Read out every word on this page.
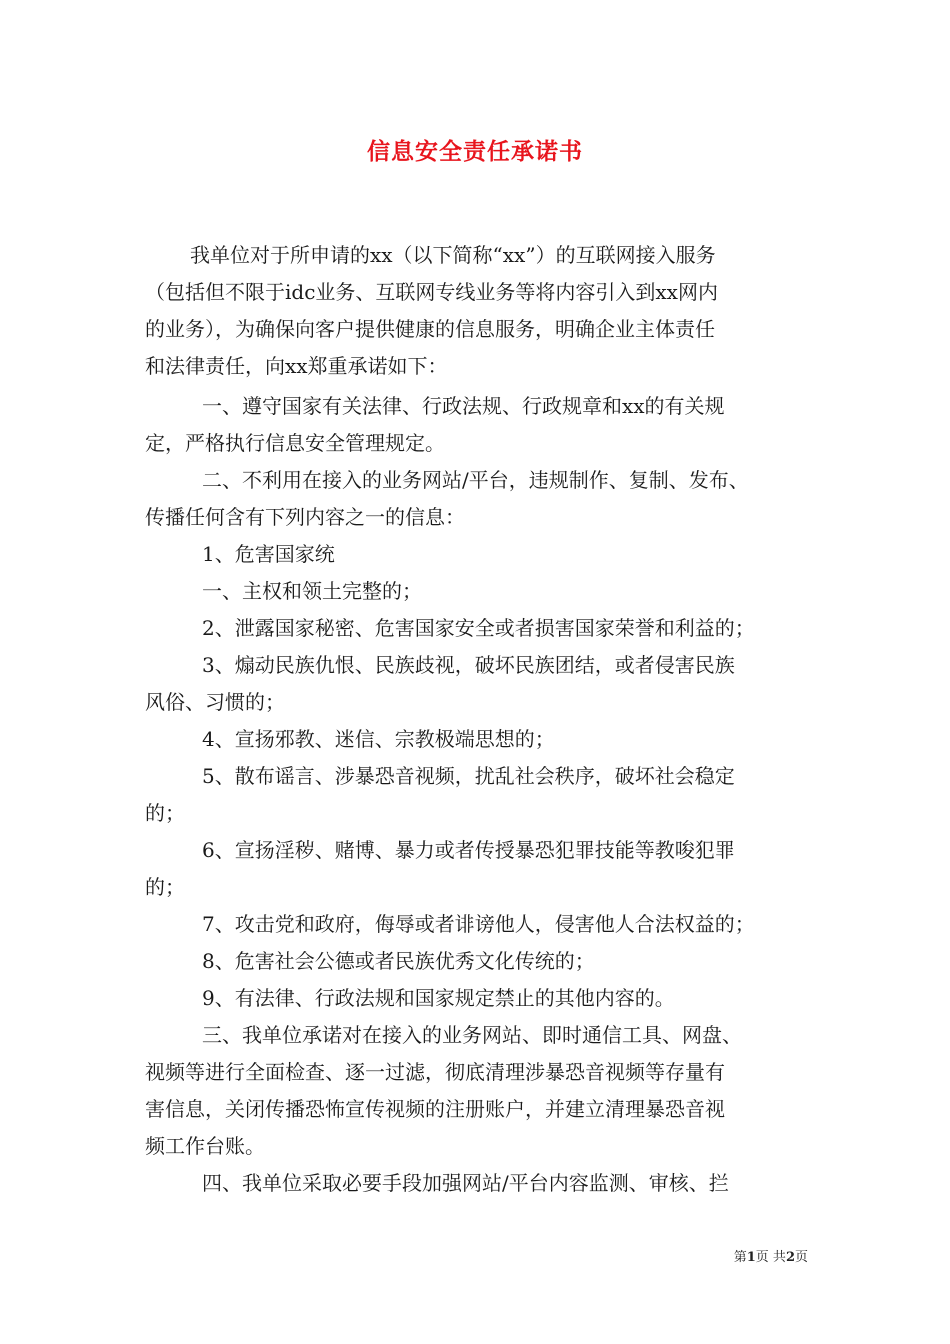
信息安全责任承诺书
我单位对于所申请的xx（以下简称“xx”）的互联网接入服务
（包括但不限于idc业务、互联网专线业务等将内容引入到xx网内
的业务），为确保向客户提供健康的信息服务，明确企业主体责任
和法律责任，向xx郑重承诺如下：
一、遵守国家有关法律、行政法规、行政规章和xx的有关规
定，严格执行信息安全管理规定。
二、不利用在接入的业务网站/平台，违规制作、复制、发布、
传播任何含有下列内容之一的信息：
1、危害国家统
一、主权和领土完整的；
2、泄露国家秘密、危害国家安全或者损害国家荣誉和利益的；
3、煽动民族仇恨、民族歧视，破坏民族团结，或者侵害民族
风俗、习惯的；
4、宣扬邪教、迷信、宗教极端思想的；
5、散布谣言、涉暴恐音视频，扰乱社会秩序，破坏社会稳定
的；
6、宣扬淫秽、赌博、暴力或者传授暴恐犯罪技能等教唆犯罪
的；
7、攻击党和政府，侮辱或者诽谤他人，侵害他人合法权益的；
8、危害社会公德或者民族优秀文化传统的；
9、有法律、行政法规和国家规定禁止的其他内容的。
三、我单位承诺对在接入的业务网站、即时通信工具、网盘、
视频等进行全面检查、逐一过滤，彻底清理涉暴恐音视频等存量有
害信息，关闭传播恐怖宣传视频的注册账户，并建立清理暴恐音视
频工作台账。
四、我单位采取必要手段加强网站/平台内容监测、审核、拦
第1页 共2页
